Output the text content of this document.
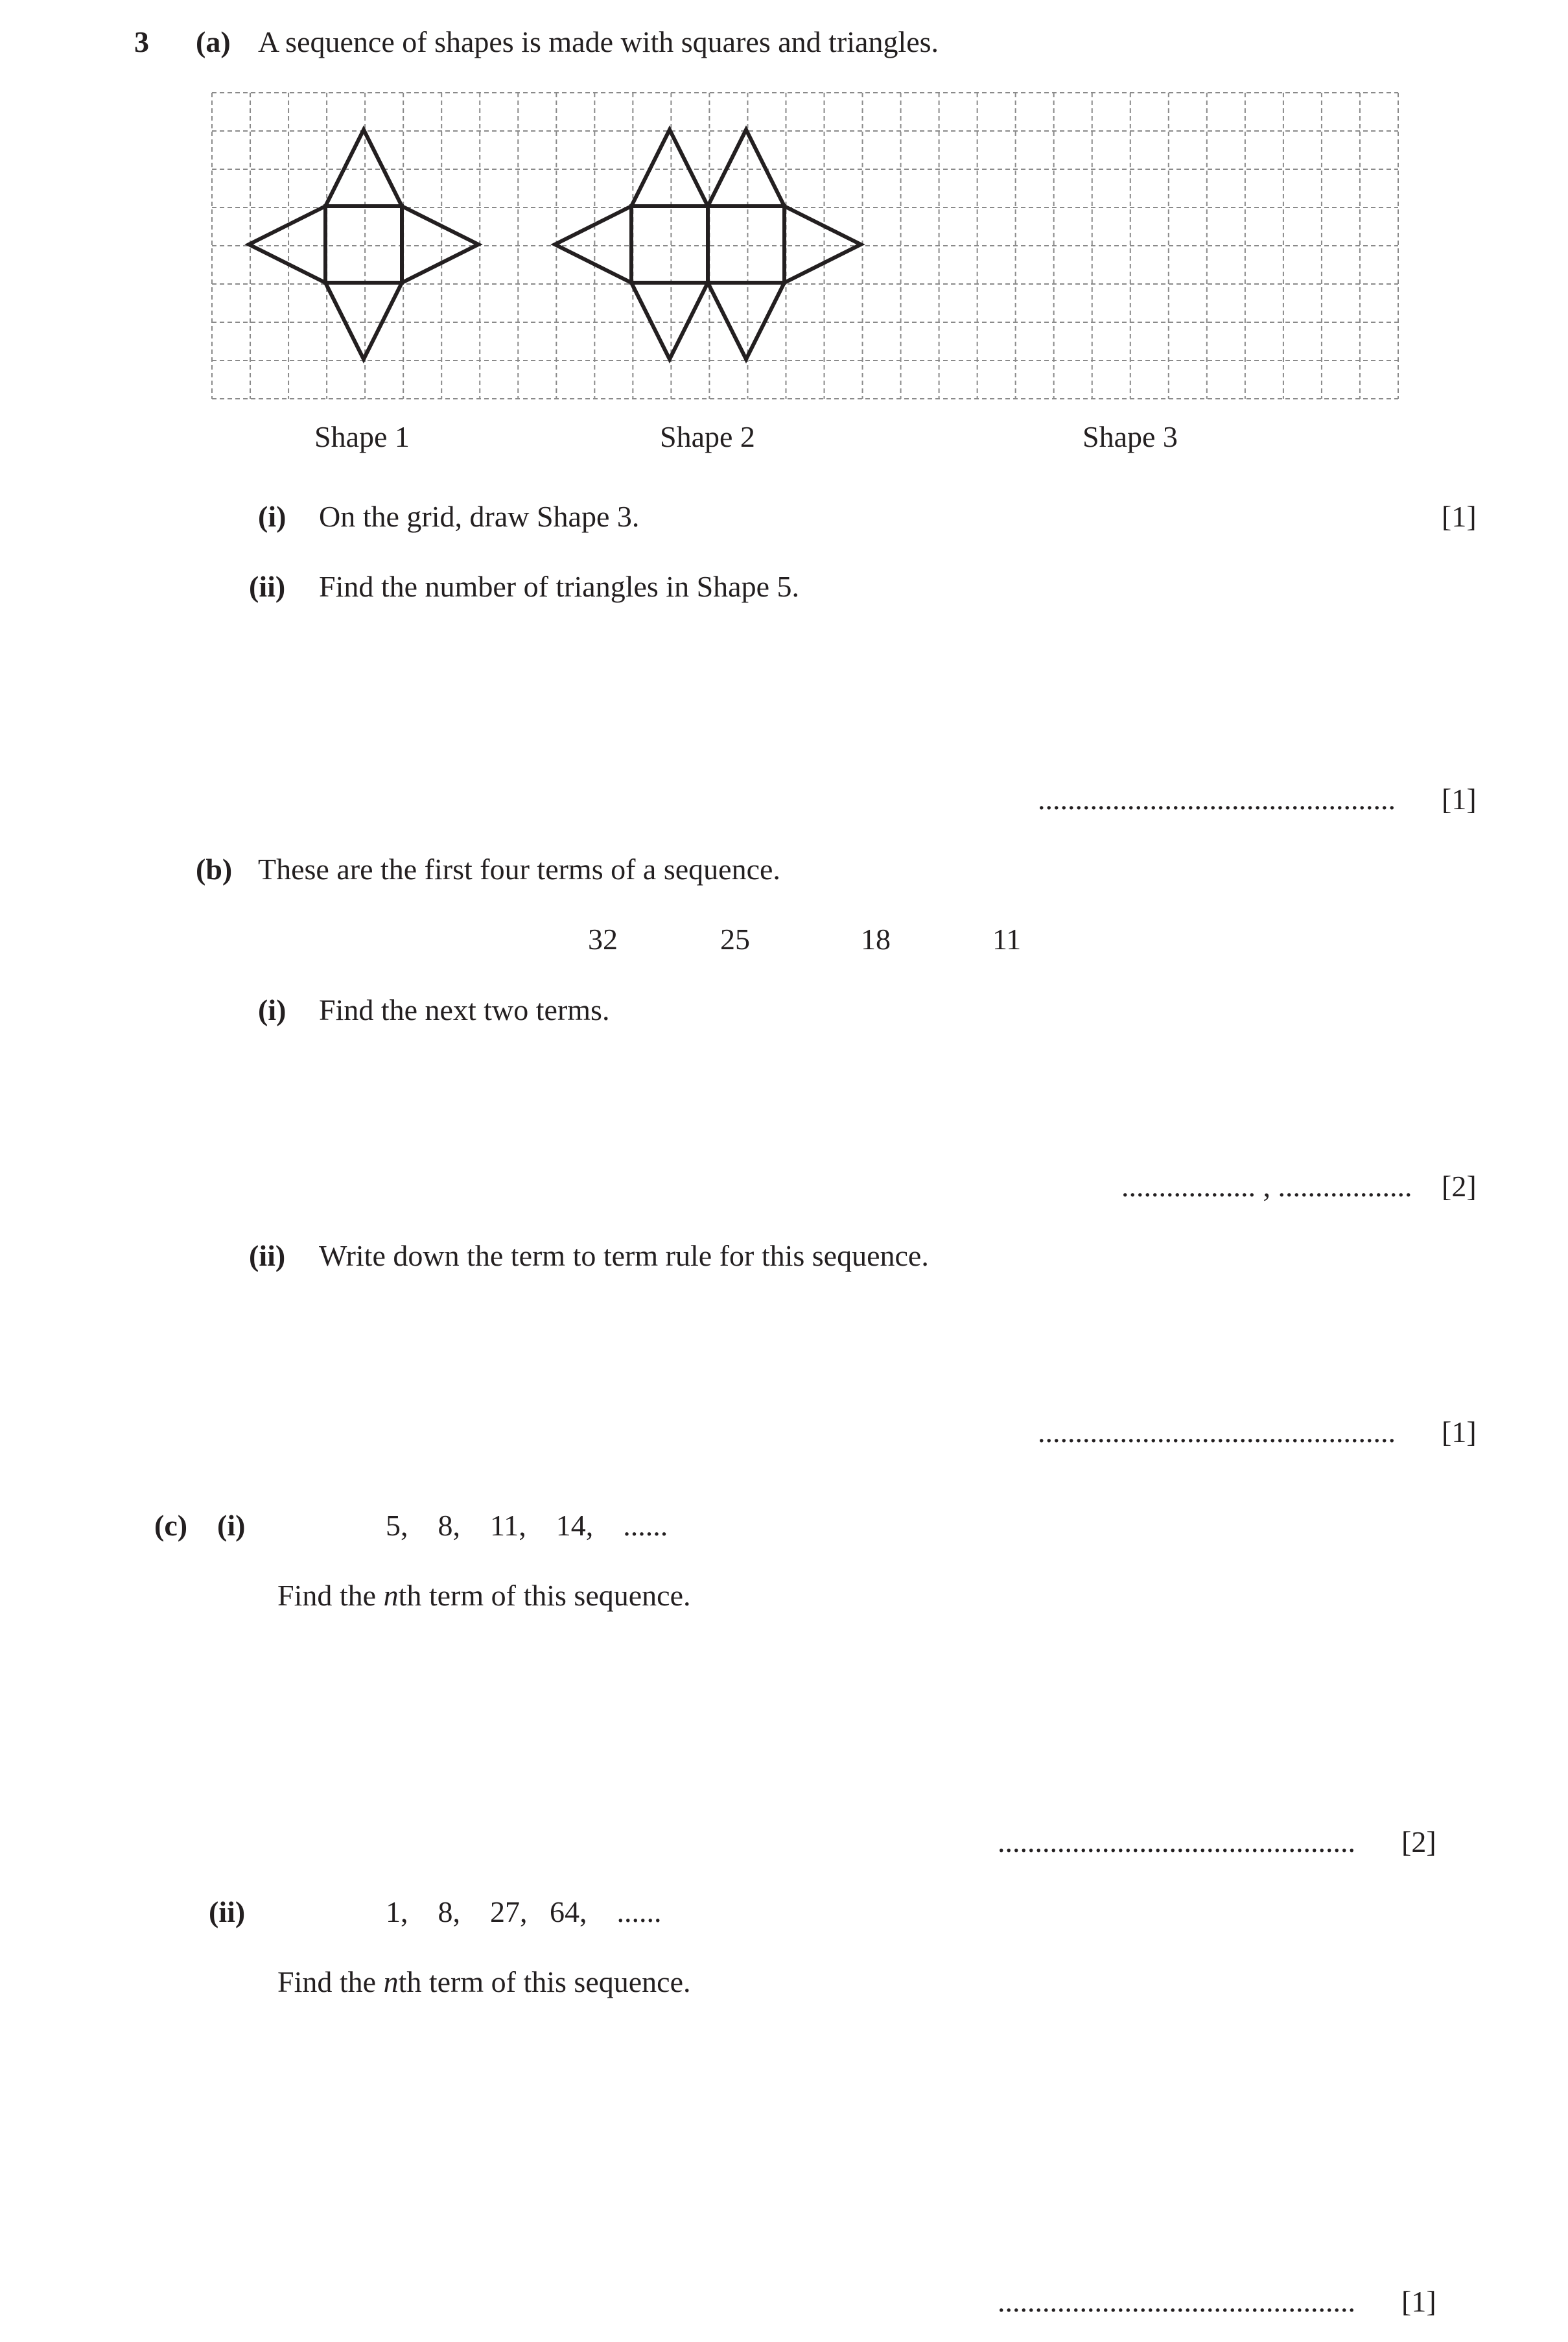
3 (a) A sequence of shapes is made with squares and triangles.
Shape 1	Shape 2	Shape 3
(i) On the grid, draw Shape 3.	[1]
(ii) Find the number of triangles in Shape 5.
................................................ [1]
(b) These are the first four terms of a sequence.
32	25	18	11
(i) Find the next two terms.
.................. , .................. [2]
(ii) Write down the term to term rule for this sequence.
................................................ [1]
(c) (i)	5,    8,    11,    14,    ......
Find the nth term of this sequence.
................................................ [2]
(ii)	1,    8,    27,   64,    ......
Find the nth term of this sequence.
................................................ [1]
